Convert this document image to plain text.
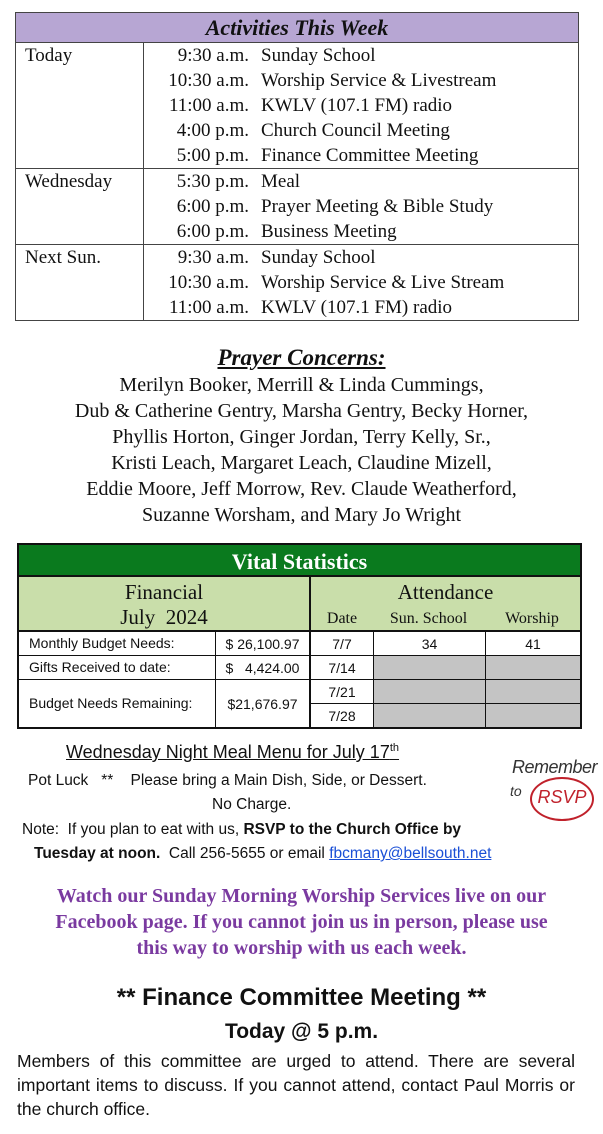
Activities This Week
Today	9:30 a.m. Sunday School
10:30 a.m. Worship Service & Livestream
11:00 a.m. KWLV (107.1 FM) radio
4:00 p.m. Church Council Meeting
5:00 p.m. Finance Committee Meeting
Wednesday	5:30 p.m. Meal
6:00 p.m. Prayer Meeting & Bible Study
6:00 p.m. Business Meeting
Next Sun.	9:30 a.m. Sunday School
10:30 a.m. Worship Service & Live Stream
11:00 a.m. KWLV (107.1 FM) radio
Prayer Concerns:
Merilyn Booker, Merrill & Linda Cummings,
Dub & Catherine Gentry, Marsha Gentry, Becky Horner,
Phyllis Horton, Ginger Jordan, Terry Kelly, Sr.,
Kristi Leach, Margaret Leach, Claudine Mizell,
Eddie Moore, Jeff Morrow, Rev. Claude Weatherford,
Suzanne Worsham, and Mary Jo Wright
Vital Statistics
Financial
July  2024
Attendance
Date	Sun. School	Worship
Monthly Budget Needs:	$ 26,100.97
Gifts Received to date:	$   4,424.00
Budget Needs Remaining:	$21,676.97
7/7	34	41
7/14
7/21
7/28
Wednesday Night Meal Menu for July 17th
Pot Luck   **    Please bring a Main Dish, Side, or Dessert.
No Charge.
Note:  If you plan to eat with us, RSVP to the Church Office by
Tuesday at noon.  Call 256-5655 or email fbcmany@bellsouth.net
Remember
to RSVP
Watch our Sunday Morning Worship Services live on our
Facebook page. If you cannot join us in person, please use
this way to worship with us each week.
** Finance Committee Meeting **
Today @ 5 p.m.
Members of this committee are urged to attend. There are several important items to discuss. If you cannot attend, contact Paul Morris or the church office.
